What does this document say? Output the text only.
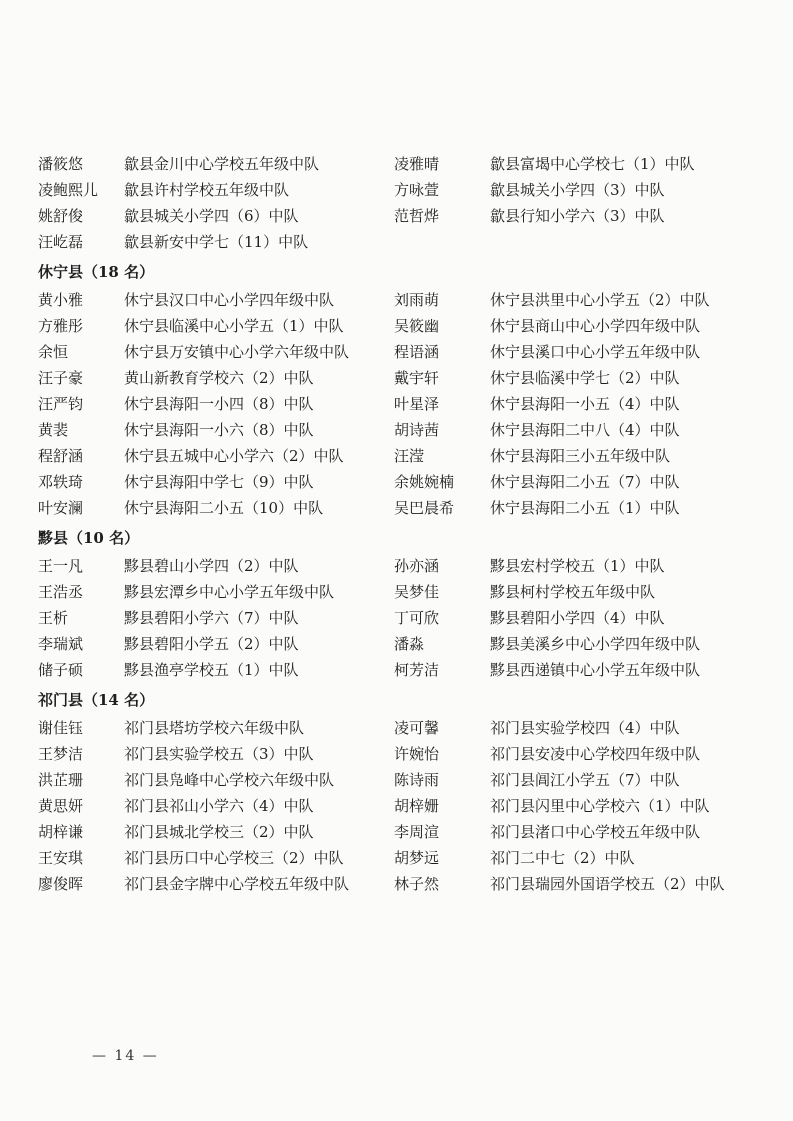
潘筱悠	歙县金川中心学校五年级中队	凌雅晴	歙县富堨中心学校七（1）中队
凌鲍熙儿	歙县许村学校五年级中队	方咏萱	歙县城关小学四（3）中队
姚舒俊	歙县城关小学四（6）中队	范哲烨	歙县行知小学六（3）中队
汪屹磊	歙县新安中学七（11）中队
休宁县（18 名）
黄小雅	休宁县汉口中心小学四年级中队	刘雨萌	休宁县洪里中心小学五（2）中队
方雅彤	休宁县临溪中心小学五（1）中队	吴筱幽	休宁县商山中心小学四年级中队
余恒	休宁县万安镇中心小学六年级中队	程语涵	休宁县溪口中心小学五年级中队
汪子豪	黄山新教育学校六（2）中队	戴宇轩	休宁县临溪中学七（2）中队
汪严钧	休宁县海阳一小四（8）中队	叶星泽	休宁县海阳一小五（4）中队
黄裴	休宁县海阳一小六（8）中队	胡诗茜	休宁县海阳二中八（4）中队
程舒涵	休宁县五城中心小学六（2）中队	汪滢	休宁县海阳三小五年级中队
邓轶琦	休宁县海阳中学七（9）中队	余姚婉楠	休宁县海阳二小五（7）中队
叶安澜	休宁县海阳二小五（10）中队	吴巴晨希	休宁县海阳二小五（1）中队
黟县（10 名）
王一凡	黟县碧山小学四（2）中队	孙亦涵	黟县宏村学校五（1）中队
王浩丞	黟县宏潭乡中心小学五年级中队	吴梦佳	黟县柯村学校五年级中队
王析	黟县碧阳小学六（7）中队	丁可欣	黟县碧阳小学四（4）中队
李瑞斌	黟县碧阳小学五（2）中队	潘淼	黟县美溪乡中心小学四年级中队
储子硕	黟县渔亭学校五（1）中队	柯芳洁	黟县西递镇中心小学五年级中队
祁门县（14 名）
谢佳钰	祁门县塔坊学校六年级中队	凌可馨	祁门县实验学校四（4）中队
王梦洁	祁门县实验学校五（3）中队	许婉怡	祁门县安凌中心学校四年级中队
洪芷珊	祁门县凫峰中心学校六年级中队	陈诗雨	祁门县阊江小学五（7）中队
黄思妍	祁门县祁山小学六（4）中队	胡梓姗	祁门县闪里中心学校六（1）中队
胡梓谦	祁门县城北学校三（2）中队	李周渲	祁门县渚口中心学校五年级中队
王安琪	祁门县历口中心学校三（2）中队	胡梦远	祁门二中七（2）中队
廖俊晖	祁门县金字牌中心学校五年级中队	林子然	祁门县瑞园外国语学校五（2）中队
— 14 —
